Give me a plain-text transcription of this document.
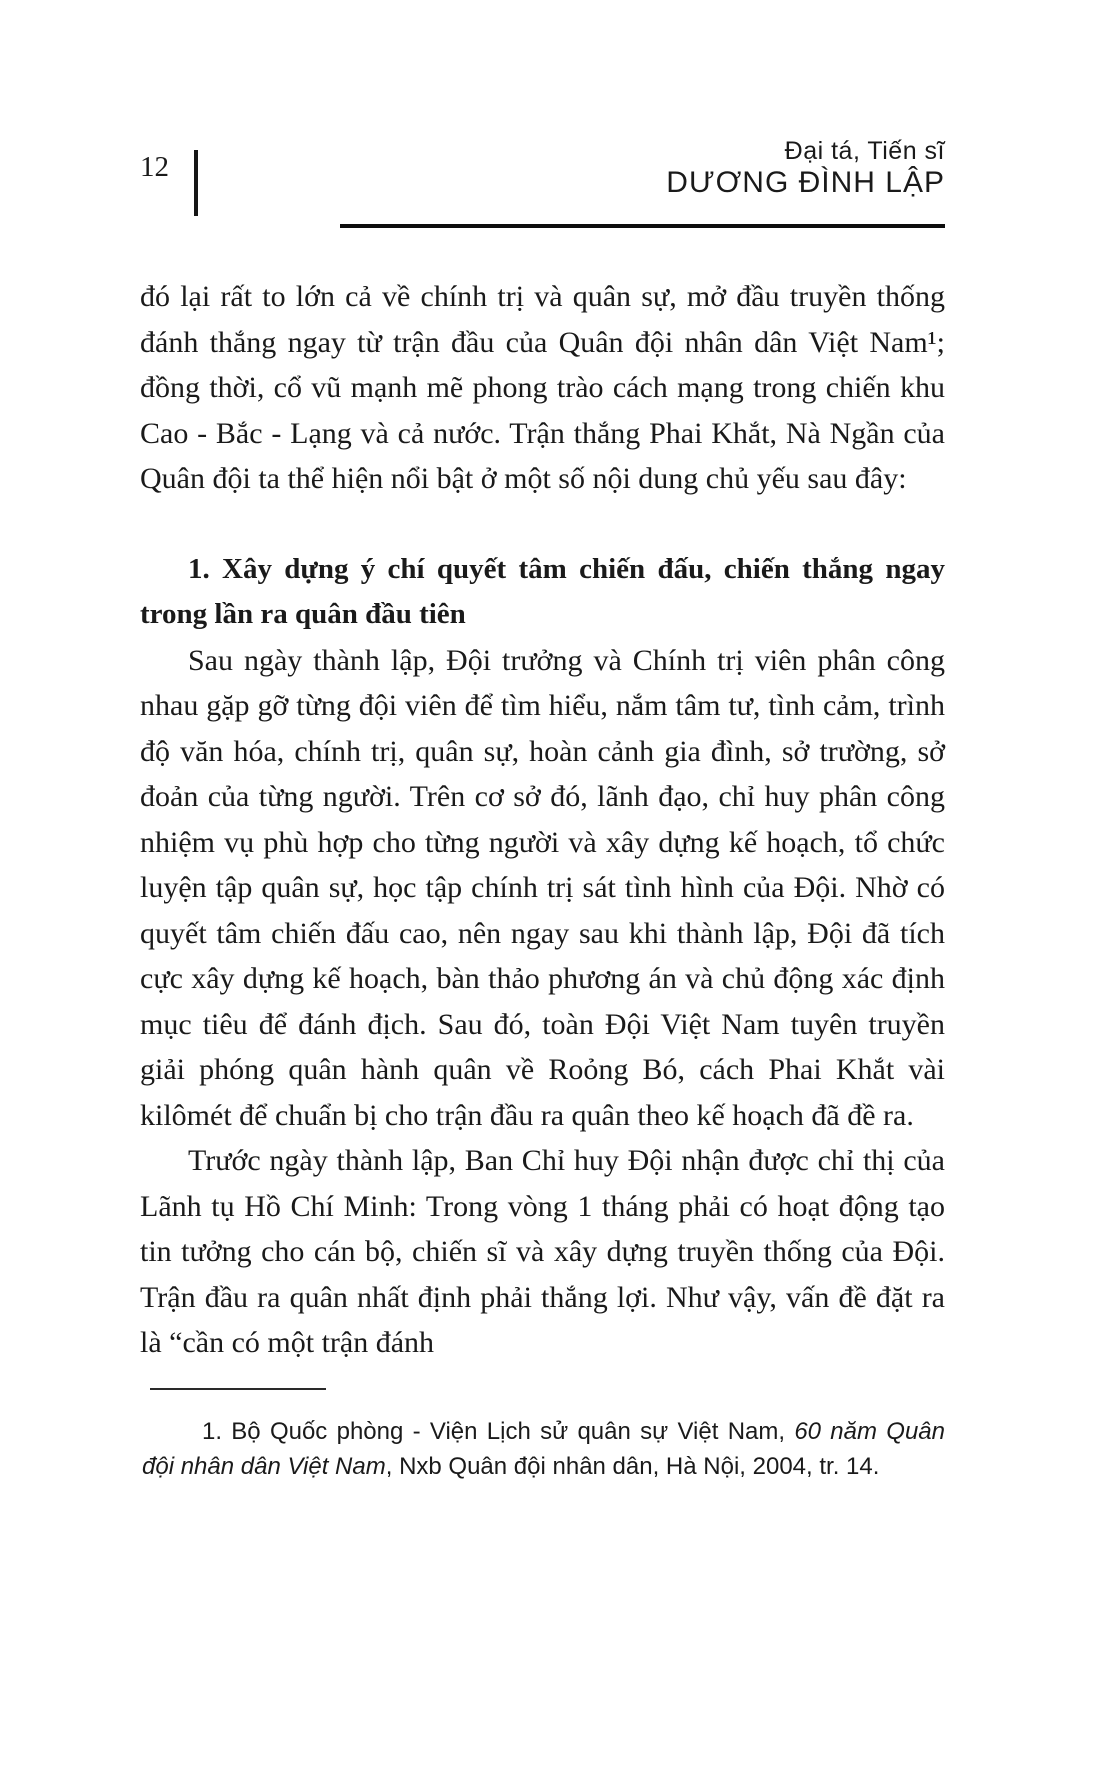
12	Đại tá, Tiến sĩ
DƯƠNG ĐÌNH LẬP

đó lại rất to lớn cả về chính trị và quân sự, mở đầu truyền thống đánh thắng ngay từ trận đầu của Quân đội nhân dân Việt Nam¹; đồng thời, cổ vũ mạnh mẽ phong trào cách mạng trong chiến khu Cao - Bắc - Lạng và cả nước. Trận thắng Phai Khắt, Nà Ngần của Quân đội ta thể hiện nổi bật ở một số nội dung chủ yếu sau đây:

1. Xây dựng ý chí quyết tâm chiến đấu, chiến thắng ngay trong lần ra quân đầu tiên

Sau ngày thành lập, Đội trưởng và Chính trị viên phân công nhau gặp gỡ từng đội viên để tìm hiểu, nắm tâm tư, tình cảm, trình độ văn hóa, chính trị, quân sự, hoàn cảnh gia đình, sở trường, sở đoản của từng người. Trên cơ sở đó, lãnh đạo, chỉ huy phân công nhiệm vụ phù hợp cho từng người và xây dựng kế hoạch, tổ chức luyện tập quân sự, học tập chính trị sát tình hình của Đội. Nhờ có quyết tâm chiến đấu cao, nên ngay sau khi thành lập, Đội đã tích cực xây dựng kế hoạch, bàn thảo phương án và chủ động xác định mục tiêu để đánh địch. Sau đó, toàn Đội Việt Nam tuyên truyền giải phóng quân hành quân về Roỏng Bó, cách Phai Khắt vài kilômét để chuẩn bị cho trận đầu ra quân theo kế hoạch đã đề ra.

Trước ngày thành lập, Ban Chỉ huy Đội nhận được chỉ thị của Lãnh tụ Hồ Chí Minh: Trong vòng 1 tháng phải có hoạt động tạo tin tưởng cho cán bộ, chiến sĩ và xây dựng truyền thống của Đội. Trận đầu ra quân nhất định phải thắng lợi. Như vậy, vấn đề đặt ra là “cần có một trận đánh

1. Bộ Quốc phòng - Viện Lịch sử quân sự Việt Nam, 60 năm Quân đội nhân dân Việt Nam, Nxb Quân đội nhân dân, Hà Nội, 2004, tr. 14.
